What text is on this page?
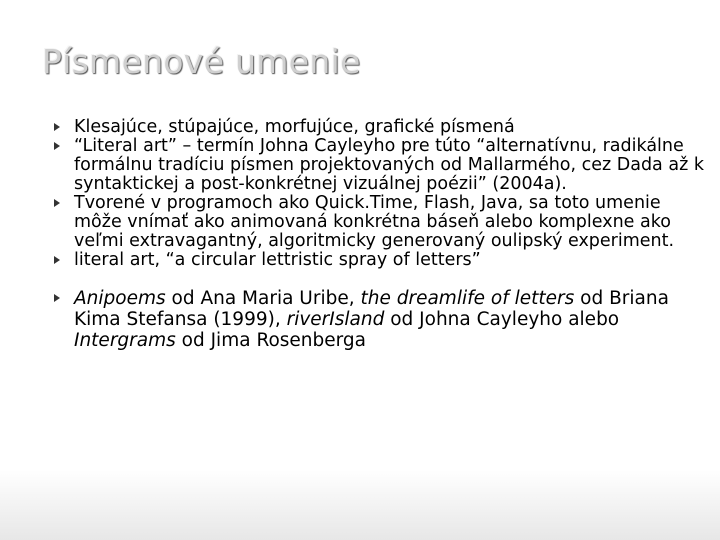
Písmenové umenie
Klesajúce, stúpajúce, morfujúce, grafické písmená
“Literal art” – termín Johna Cayleyho pre túto “alternatívnu, radikálne formálnu tradíciu písmen projektovaných od Mallarmého, cez Dada až k syntaktickej a post-konkrétnej vizuálnej poézii” (2004a).
Tvorené v programoch ako Quick.Time, Flash, Java, sa toto umenie môže vnímať ako animovaná konkrétna báseň alebo komplexne ako veľmi extravagantný, algoritmicky generovaný oulipský experiment.
literal art, “a circular lettristic spray of letters”
Anipoems od Ana Maria Uribe, the dreamlife of letters od Briana Kima Stefansa (1999), riverIsland od Johna Cayleyho alebo Intergrams od Jima Rosenberga
